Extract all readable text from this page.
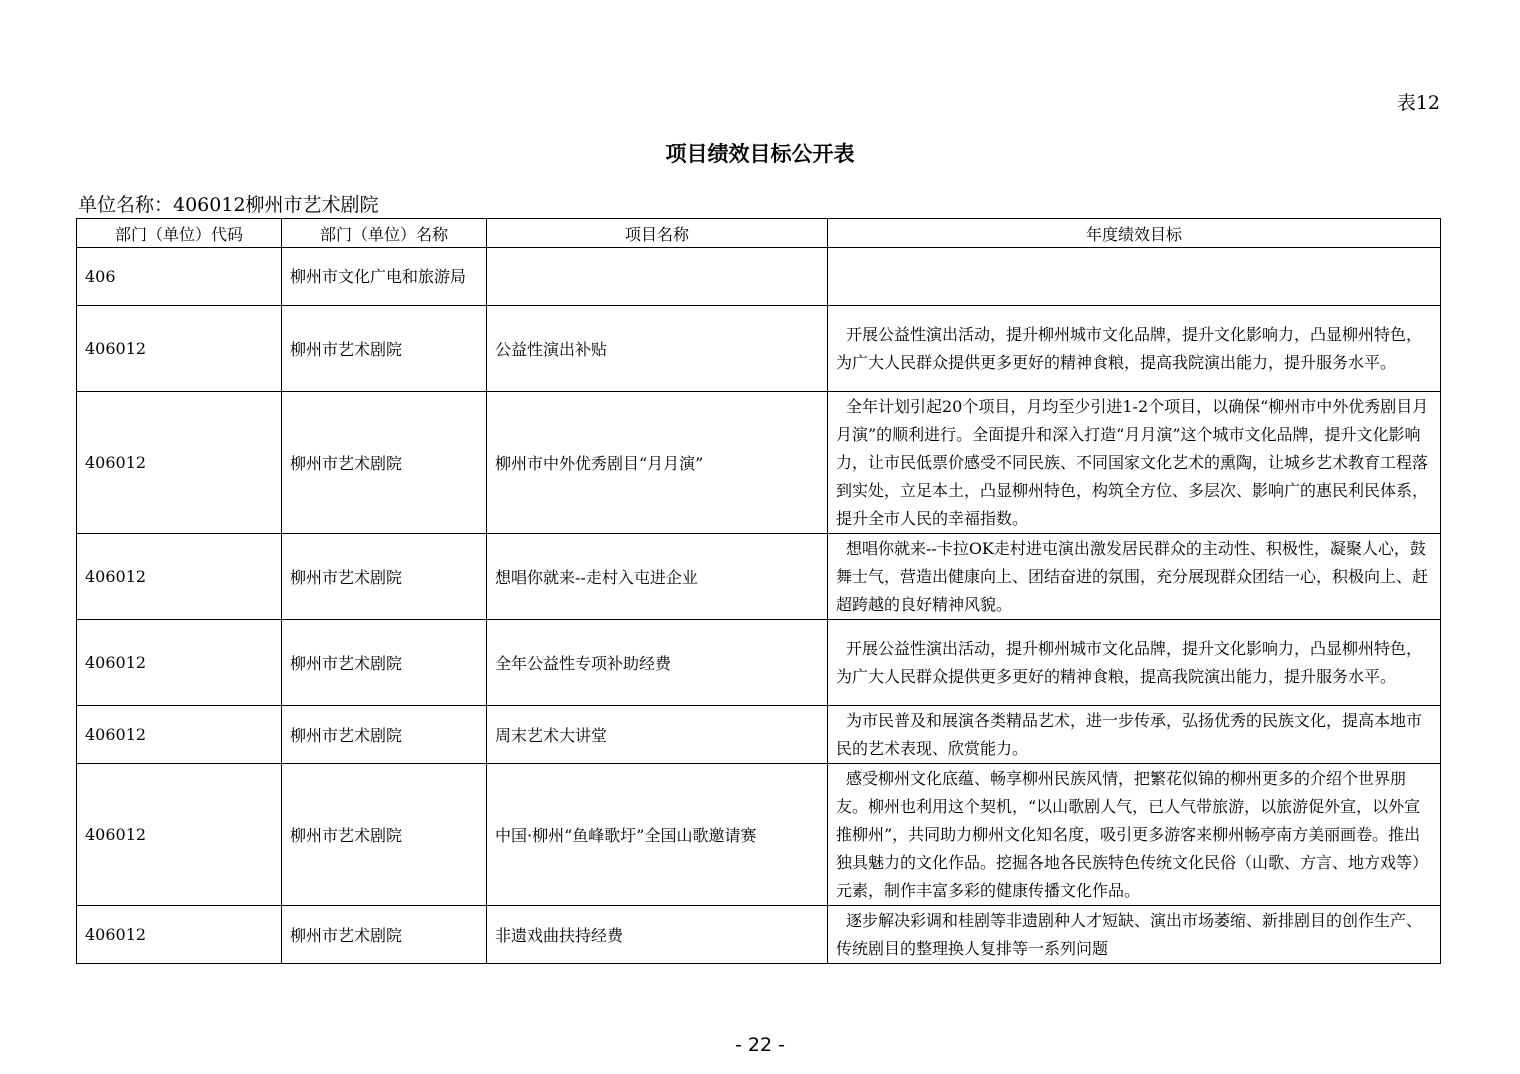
表12
项目绩效目标公开表
单位名称：406012柳州市艺术剧院
部门（单位）代码	部门（单位）名称	项目名称	年度绩效目标
406	柳州市文化广电和旅游局		
406012	柳州市艺术剧院	公益性演出补贴	开展公益性演出活动，提升柳州城市文化品牌，提升文化影响力，凸显柳州特色，为广大人民群众提供更多更好的精神食粮，提高我院演出能力，提升服务水平。
406012	柳州市艺术剧院	柳州市中外优秀剧目“月月演”	全年计划引起20个项目，月均至少引进1-2个项目，以确保“柳州市中外优秀剧目月月演”的顺利进行。全面提升和深入打造“月月演”这个城市文化品牌，提升文化影响力，让市民低票价感受不同民族、不同国家文化艺术的熏陶，让城乡艺术教育工程落到实处，立足本土，凸显柳州特色，构筑全方位、多层次、影响广的惠民利民体系，提升全市人民的幸福指数。
406012	柳州市艺术剧院	想唱你就来--走村入屯进企业	想唱你就来--卡拉OK走村进屯演出激发居民群众的主动性、积极性，凝聚人心，鼓舞士气，营造出健康向上、团结奋进的氛围，充分展现群众团结一心，积极向上、赶超跨越的良好精神风貌。
406012	柳州市艺术剧院	全年公益性专项补助经费	开展公益性演出活动，提升柳州城市文化品牌，提升文化影响力，凸显柳州特色，为广大人民群众提供更多更好的精神食粮，提高我院演出能力，提升服务水平。
406012	柳州市艺术剧院	周末艺术大讲堂	为市民普及和展演各类精品艺术，进一步传承，弘扬优秀的民族文化，提高本地市民的艺术表现、欣赏能力。
406012	柳州市艺术剧院	中国·柳州“鱼峰歌圩”全国山歌邀请赛	感受柳州文化底蕴、畅享柳州民族风情，把繁花似锦的柳州更多的介绍个世界朋友。柳州也利用这个契机，“以山歌剧人气，已人气带旅游，以旅游促外宣，以外宣推柳州”，共同助力柳州文化知名度，吸引更多游客来柳州畅亭南方美丽画卷。推出独具魅力的文化作品。挖掘各地各民族特色传统文化民俗（山歌、方言、地方戏等）元素，制作丰富多彩的健康传播文化作品。
406012	柳州市艺术剧院	非遗戏曲扶持经费	逐步解决彩调和桂剧等非遗剧种人才短缺、演出市场萎缩、新排剧目的创作生产、传统剧目的整理换人复排等一系列问题
- 22 -
